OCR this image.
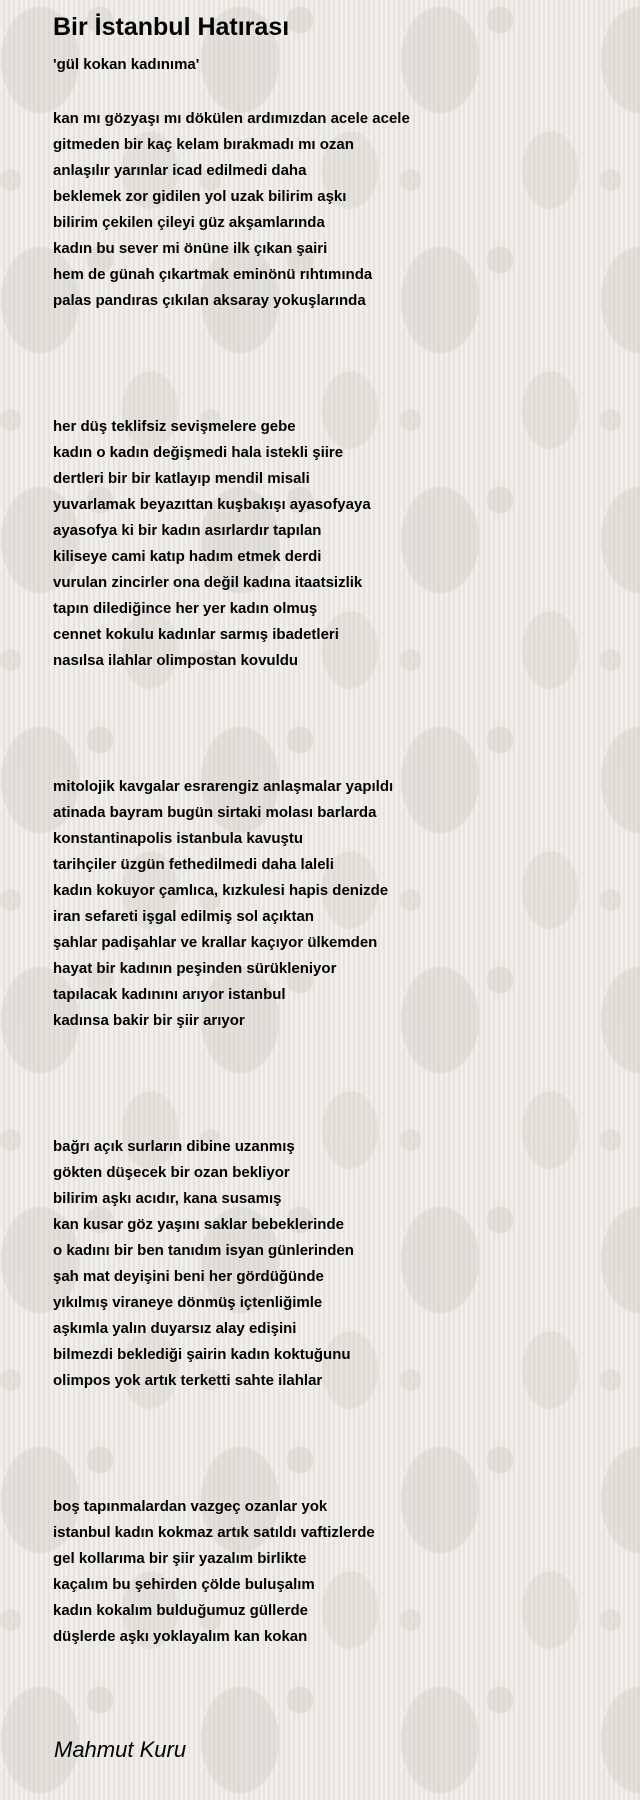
Bir İstanbul Hatırası
'gül kokan kadınıma'
kan mı gözyaşı mı dökülen ardımızdan acele acele
gitmeden bir kaç kelam bırakmadı mı ozan
anlaşılır yarınlar icad edilmedi daha
beklemek zor gidilen yol uzak bilirim aşkı
bilirim çekilen çileyi güz akşamlarında
kadın bu sever mi önüne ilk çıkan şairi
hem de günah çıkartmak eminönü rıhtımında
palas pandıras çıkılan aksaray yokuşlarında
her düş teklifsiz sevişmelere gebe
kadın o kadın değişmedi hala istekli şiire
dertleri bir bir katlayıp mendil misali
yuvarlamak beyazıttan kuşbakışı ayasofyaya
ayasofya ki bir kadın asırlardır tapılan
kiliseye cami katıp hadım etmek derdi
vurulan zincirler ona değil kadına itaatsizlik
tapın dilediğince her yer kadın olmuş
cennet kokulu kadınlar sarmış ibadetleri
nasılsa ilahlar olimpostan kovuldu
mitolojik kavgalar esrarengiz anlaşmalar yapıldı
atinada bayram bugün sirtaki molası barlarda
konstantinapolis istanbula kavuştu
tarihçiler üzgün fethedilmedi daha laleli
kadın kokuyor çamlıca, kızkulesi hapis denizde
iran sefareti işgal edilmiş sol açıktan
şahlar padişahlar ve krallar kaçıyor ülkemden
hayat bir kadının peşinden sürükleniyor
tapılacak kadınını arıyor istanbul
kadınsa bakir bir şiir arıyor
bağrı açık surların dibine uzanmış
gökten düşecek bir ozan bekliyor
bilirim aşkı acıdır, kana susamış
kan kusar göz yaşını saklar bebeklerinde
o kadını bir ben tanıdım isyan günlerinden
şah mat deyişini beni her gördüğünde
yıkılmış viraneye dönmüş içtenliğimle
aşkımla yalın duyarsız alay edişini
bilmezdi beklediği şairin kadın koktuğunu
olimpos yok artık terketti sahte ilahlar
boş tapınmalardan vazgeç ozanlar yok
istanbul kadın kokmaz artık satıldı vaftizlerde
gel kollarıma bir şiir yazalım birlikte
kaçalım bu şehirden çölde buluşalım
kadın kokalım bulduğumuz güllerde
düşlerde aşkı yoklayalım kan kokan
Mahmut Kuru
